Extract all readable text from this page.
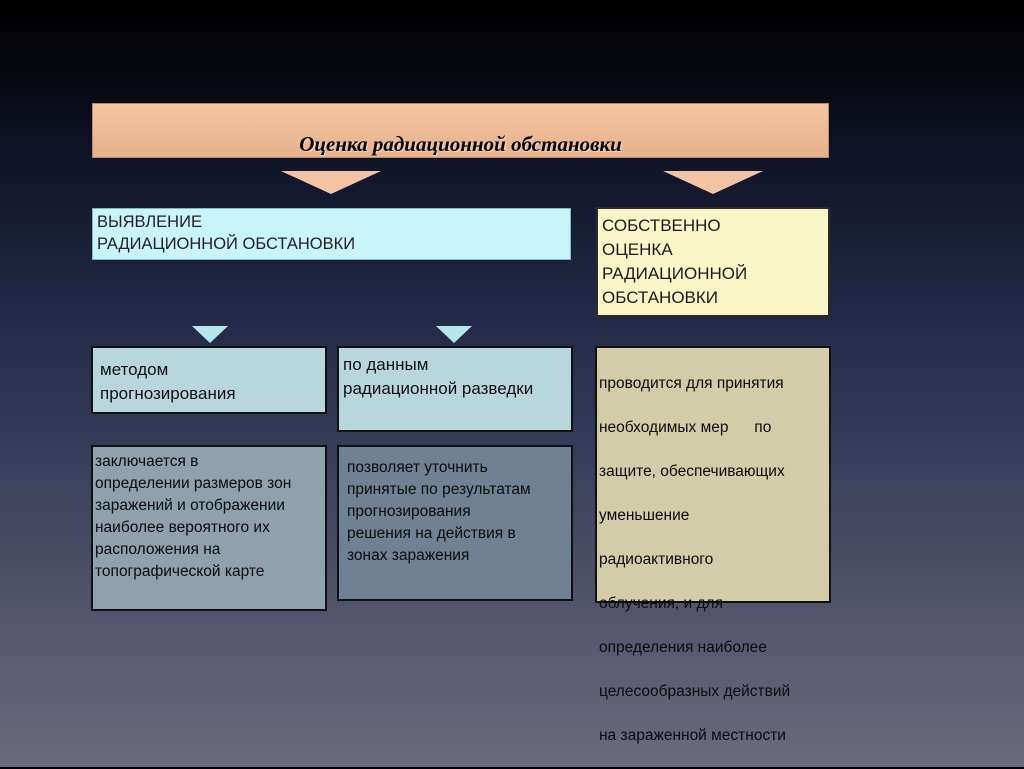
Оценка радиационной обстановки
ВЫЯВЛЕНИЕ
РАДИАЦИОННОЙ ОБСТАНОВКИ
СОБСТВЕННО
ОЦЕНКА
РАДИАЦИОННОЙ
ОБСТАНОВКИ
методом
прогнозирования
по данным
радиационной разведки
заключается в
определении размеров зон
заражений и отображении
наиболее вероятного их
расположения на
топографической карте
позволяет уточнить
принятые по результатам
прогнозирования
решения на действия в
зонах заражения

проводится для принятия

необходимых мер      по

защите, обеспечивающих

уменьшение

радиоактивного

облучения, и для

определения наиболее

целесообразных действий

на зараженной местности
